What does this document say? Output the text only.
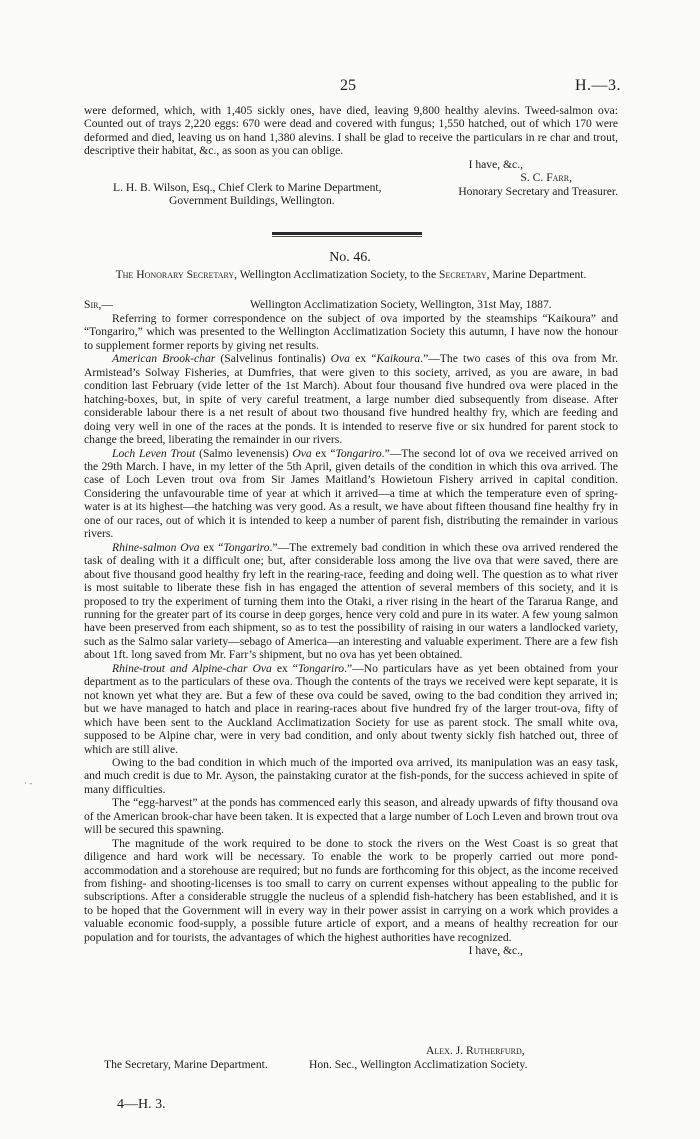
25	H.—3.

were deformed, which, with 1,405 sickly ones, have died, leaving 9,800 healthy alevins. Tweed-salmon ova: Counted out of trays 2,220 eggs: 670 were dead and covered with fungus; 1,550 hatched, out of which 170 were deformed and died, leaving us on hand 1,380 alevins. I shall be glad to receive the particulars in re char and trout, descriptive their habitat, &c., as soon as you can oblige.

I have, &c.,

S. C. Farr,

Honorary Secretary and Treasurer.

L. H. B. Wilson, Esq., Chief Clerk to Marine Department,
Government Buildings, Wellington.
No. 46.
The Honorary Secretary, Wellington Acclimatization Society, to the Secretary, Marine Department.
Sir,—	Wellington Acclimatization Society, Wellington, 31st May, 1887.

Referring to former correspondence on the subject of ova imported by the steamships “Kaikoura” and “Tongariro,” which was presented to the Wellington Acclimatization Society this autumn, I have now the honour to supplement former reports by giving net results.

American Brook-char (Salvelinus fontinalis) Ova ex “Kaikoura.”—The two cases of this ova from Mr. Armistead’s Solway Fisheries, at Dumfries, that were given to this society, arrived, as you are aware, in bad condition last February (vide letter of the 1st March). About four thousand five hundred ova were placed in the hatching-boxes, but, in spite of very careful treatment, a large number died subsequently from disease. After considerable labour there is a net result of about two thousand five hundred healthy fry, which are feeding and doing very well in one of the races at the ponds. It is intended to reserve five or six hundred for parent stock to change the breed, liberating the remainder in our rivers.

Loch Leven Trout (Salmo levenensis) Ova ex “Tongariro.”—The second lot of ova we received arrived on the 29th March. I have, in my letter of the 5th April, given details of the condition in which this ova arrived. The case of Loch Leven trout ova from Sir James Maitland’s Howietoun Fishery arrived in capital condition. Considering the unfavourable time of year at which it arrived—a time at which the temperature even of spring-water is at its highest—the hatching was very good. As a result, we have about fifteen thousand fine healthy fry in one of our races, out of which it is intended to keep a number of parent fish, distributing the remainder in various rivers.

Rhine-salmon Ova ex “Tongariro.”—The extremely bad condition in which these ova arrived rendered the task of dealing with it a difficult one; but, after considerable loss among the live ova that were saved, there are about five thousand good healthy fry left in the rearing-race, feeding and doing well. The question as to what river is most suitable to liberate these fish in has engaged the attention of several members of this society, and it is proposed to try the experiment of turning them into the Otaki, a river rising in the heart of the Tararua Range, and running for the greater part of its course in deep gorges, hence very cold and pure in its water. A few young salmon have been preserved from each shipment, so as to test the possibility of raising in our waters a landlocked variety, such as the Salmo salar variety—sebago of America—an interesting and valuable experiment. There are a few fish about 1ft. long saved from Mr. Farr’s shipment, but no ova has yet been obtained.

Rhine-trout and Alpine-char Ova ex “Tongariro.”—No particulars have as yet been obtained from your department as to the particulars of these ova. Though the contents of the trays we received were kept separate, it is not known yet what they are. But a few of these ova could be saved, owing to the bad condition they arrived in; but we have managed to hatch and place in rearing-races about five hundred fry of the larger trout-ova, fifty of which have been sent to the Auckland Acclimatization Society for use as parent stock. The small white ova, supposed to be Alpine char, were in very bad condition, and only about twenty sickly fish hatched out, three of which are still alive.

Owing to the bad condition in which much of the imported ova arrived, its manipulation was an easy task, and much credit is due to Mr. Ayson, the painstaking curator at the fish-ponds, for the success achieved in spite of many difficulties.

The “egg-harvest” at the ponds has commenced early this season, and already upwards of fifty thousand ova of the American brook-char have been taken. It is expected that a large number of Loch Leven and brown trout ova will be secured this spawning.

The magnitude of the work required to be done to stock the rivers on the West Coast is so great that diligence and hard work will be necessary. To enable the work to be properly carried out more pond-accommodation and a storehouse are required; but no funds are forthcoming for this object, as the income received from fishing- and shooting-licenses is too small to carry on current expenses without appealing to the public for subscriptions. After a considerable struggle the nucleus of a splendid fish-hatchery has been established, and it is to be hoped that the Government will in every way in their power assist in carrying on a work which provides a valuable economic food-supply, a possible future article of export, and a means of healthy recreation for our population and for tourists, the advantages of which the highest authorities have recognized.

I have, &c.,

Alex. J. Rutherfurd,
The Secretary, Marine Department.	Hon. Sec., Wellington Acclimatization Society.
4—H. 3.
· ‐
